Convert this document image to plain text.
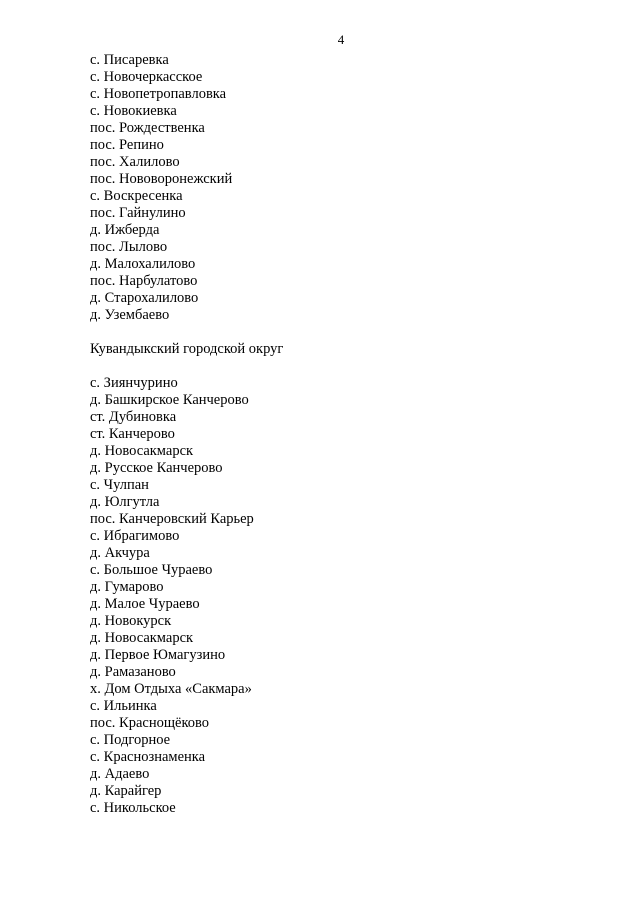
4
с. Писаревка
с. Новочеркасское
с. Новопетропавловка
с. Новокиевка
пос. Рождественка
пос. Репино
пос. Халилово
пос. Нововоронежский
с. Воскресенка
пос. Гайнулино
д. Ижберда
пос. Лылово
д. Малохалилово
пос. Нарбулатово
д. Старохалилово
д. Узембаево
Кувандыкский городской округ
с. Зиянчурино
д. Башкирское Канчерово
ст. Дубиновка
ст. Канчерово
д. Новосакмарск
д. Русское Канчерово
с. Чулпан
д. Юлгутла
пос. Канчеровский Карьер
с. Ибрагимово
д. Акчура
с. Большое Чураево
д. Гумарово
д. Малое Чураево
д. Новокурск
д. Новосакмарск
д. Первое Юмагузино
д. Рамазаново
х. Дом Отдыха «Сакмара»
с. Ильинка
пос. Краснощёково
с. Подгорное
с. Краснознаменка
д. Адаево
д. Карайгер
с. Никольское
